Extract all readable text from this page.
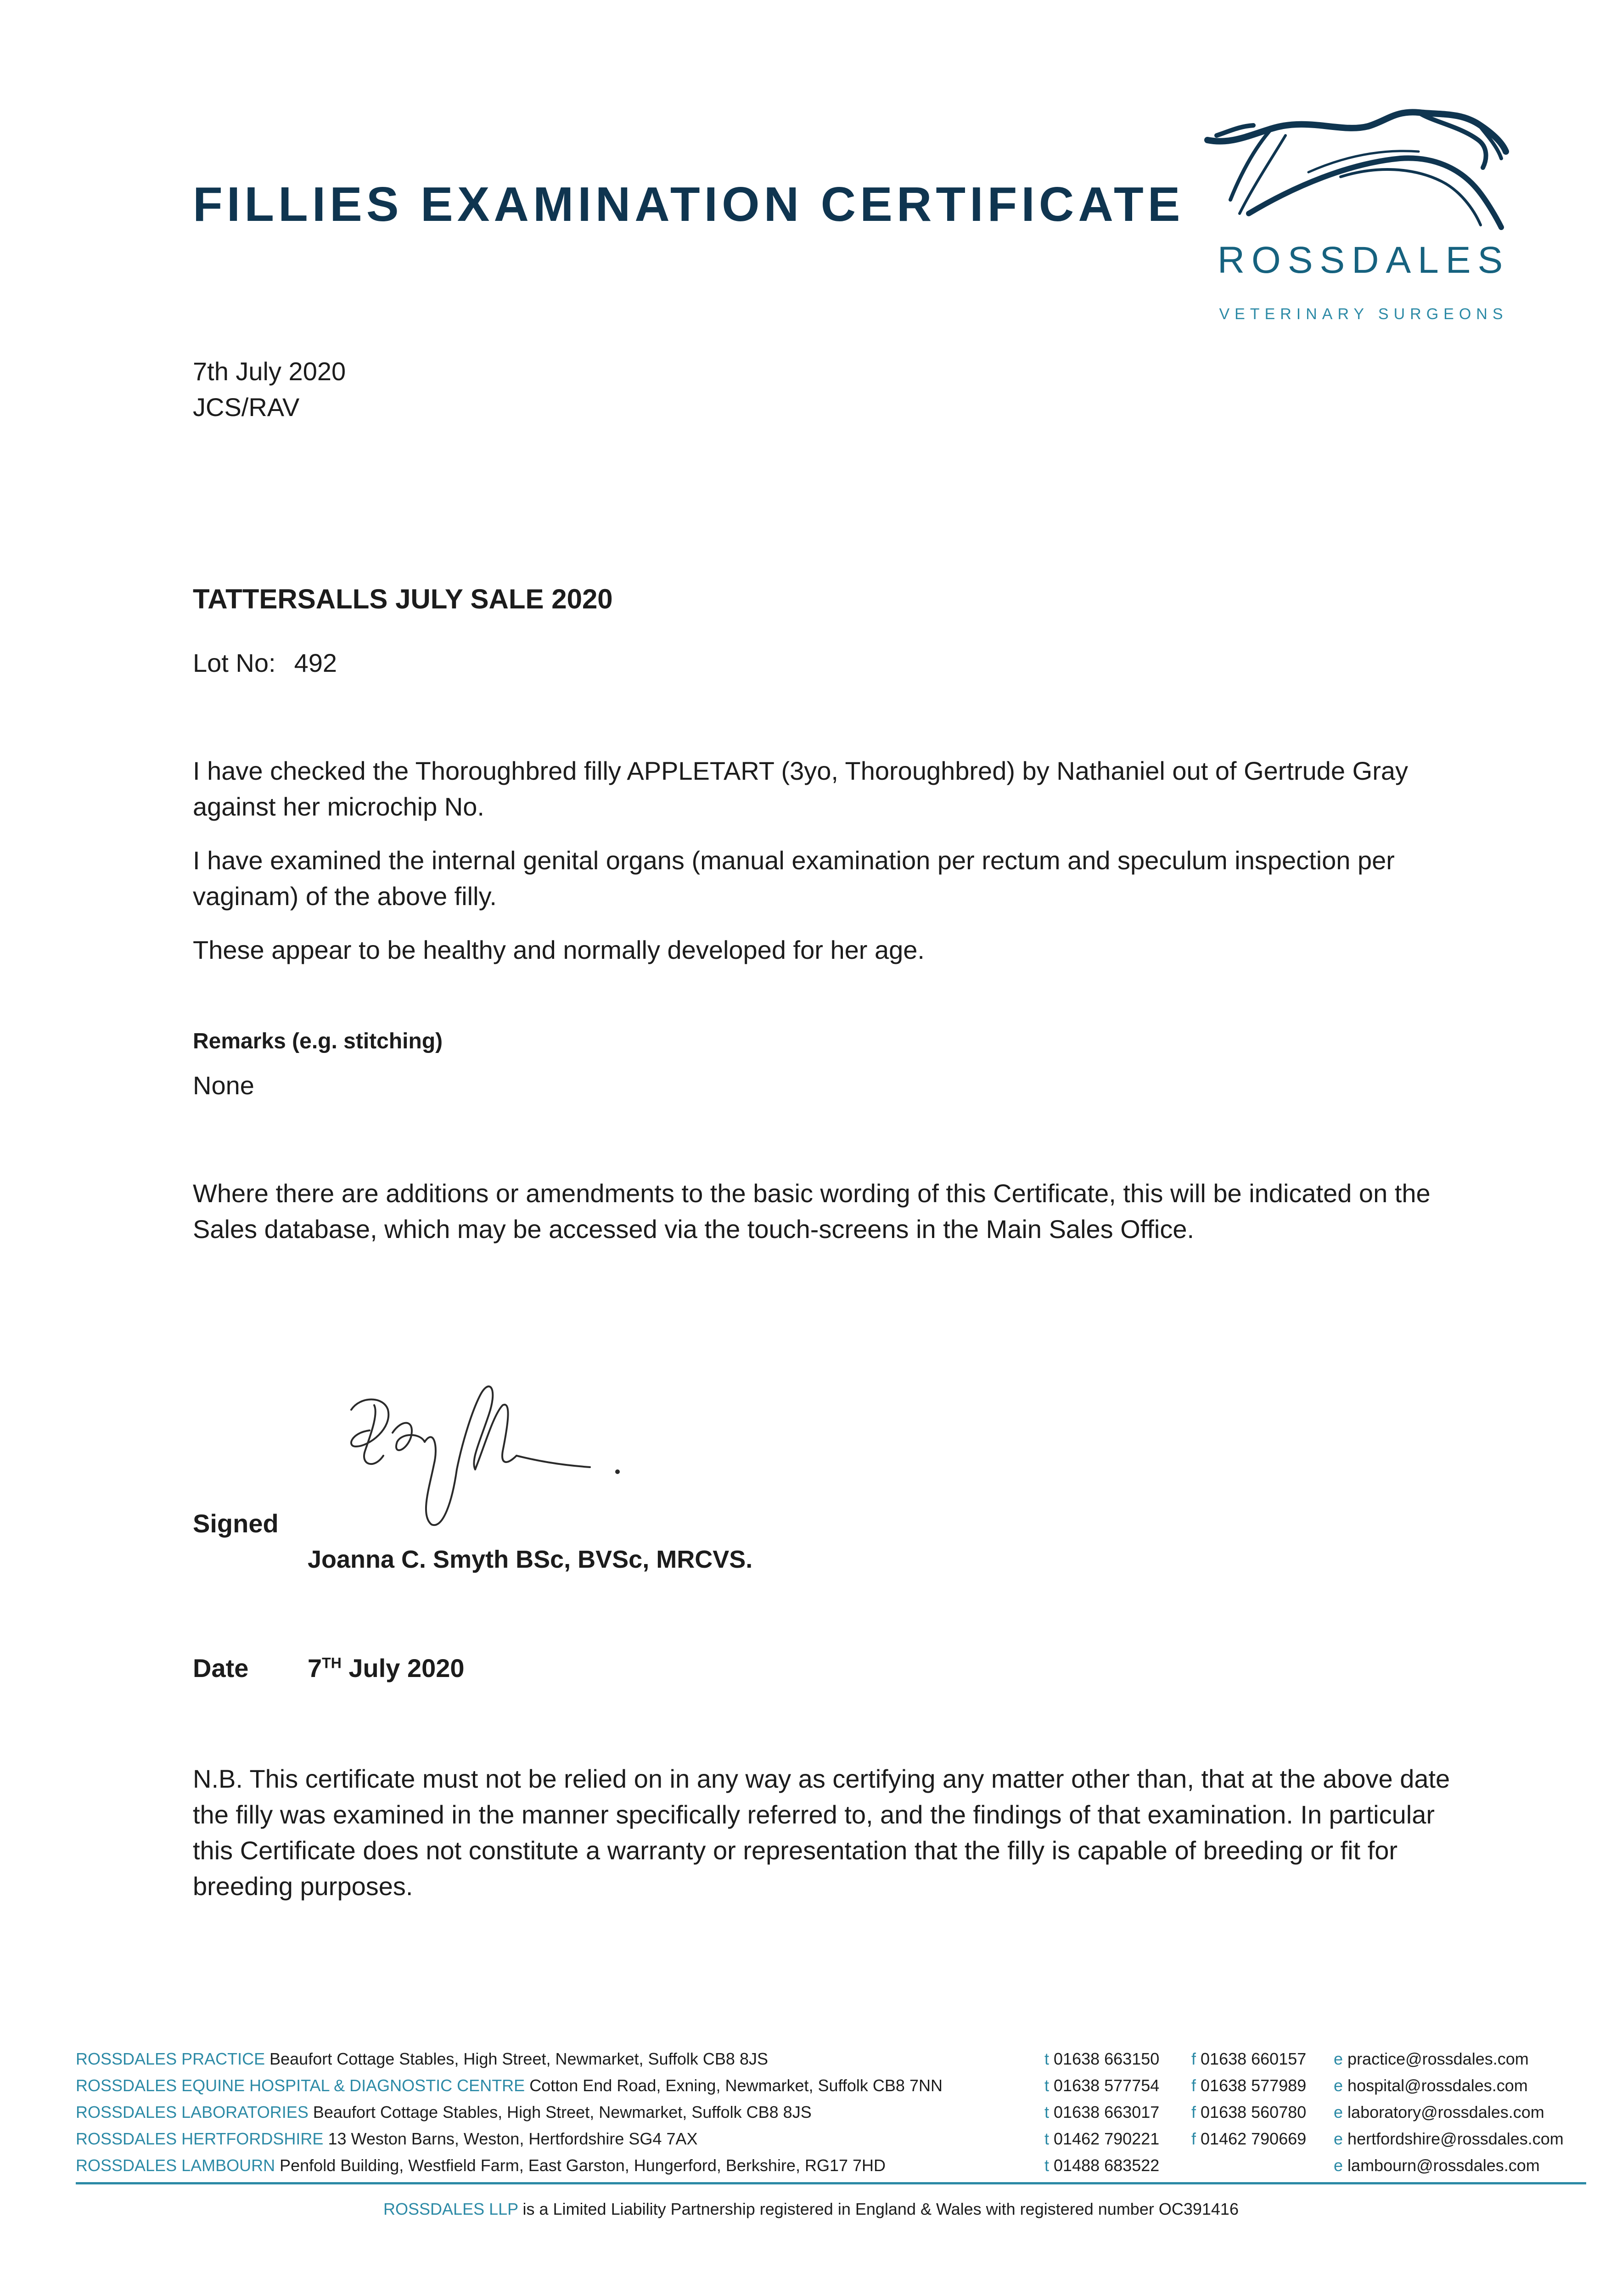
FILLIES EXAMINATION CERTIFICATE
ROSSDALES
VETERINARY SURGEONS
7th July 2020
JCS/RAV
TATTERSALLS JULY SALE 2020
Lot No: 492
I have checked the Thoroughbred filly APPLETART (3yo, Thoroughbred) by Nathaniel out of Gertrude Gray against her microchip No.
I have examined the internal genital organs (manual examination per rectum and speculum inspection per vaginam) of the above filly.
These appear to be healthy and normally developed for her age.
Remarks (e.g. stitching)
None
Where there are additions or amendments to the basic wording of this Certificate, this will be indicated on the Sales database, which may be accessed via the touch-screens in the Main Sales Office.
Signed
Joanna C. Smyth BSc, BVSc, MRCVS.
Date 7TH July 2020
N.B. This certificate must not be relied on in any way as certifying any matter other than, that at the above date the filly was examined in the manner specifically referred to, and the findings of that examination. In particular this Certificate does not constitute a warranty or representation that the filly is capable of breeding or fit for breeding purposes.
ROSSDALES PRACTICE Beaufort Cottage Stables, High Street, Newmarket, Suffolk CB8 8JS	t 01638 663150 f 01638 660157 e practice@rossdales.com
ROSSDALES EQUINE HOSPITAL & DIAGNOSTIC CENTRE Cotton End Road, Exning, Newmarket, Suffolk CB8 7NN	t 01638 577754 f 01638 577989 e hospital@rossdales.com
ROSSDALES LABORATORIES Beaufort Cottage Stables, High Street, Newmarket, Suffolk CB8 8JS	t 01638 663017 f 01638 560780 e laboratory@rossdales.com
ROSSDALES HERTFORDSHIRE 13 Weston Barns, Weston, Hertfordshire SG4 7AX	t 01462 790221 f 01462 790669 e hertfordshire@rossdales.com
ROSSDALES LAMBOURN Penfold Building, Westfield Farm, East Garston, Hungerford, Berkshire, RG17 7HD	t 01488 683522	e lambourn@rossdales.com
ROSSDALES LLP is a Limited Liability Partnership registered in England & Wales with registered number OC391416
